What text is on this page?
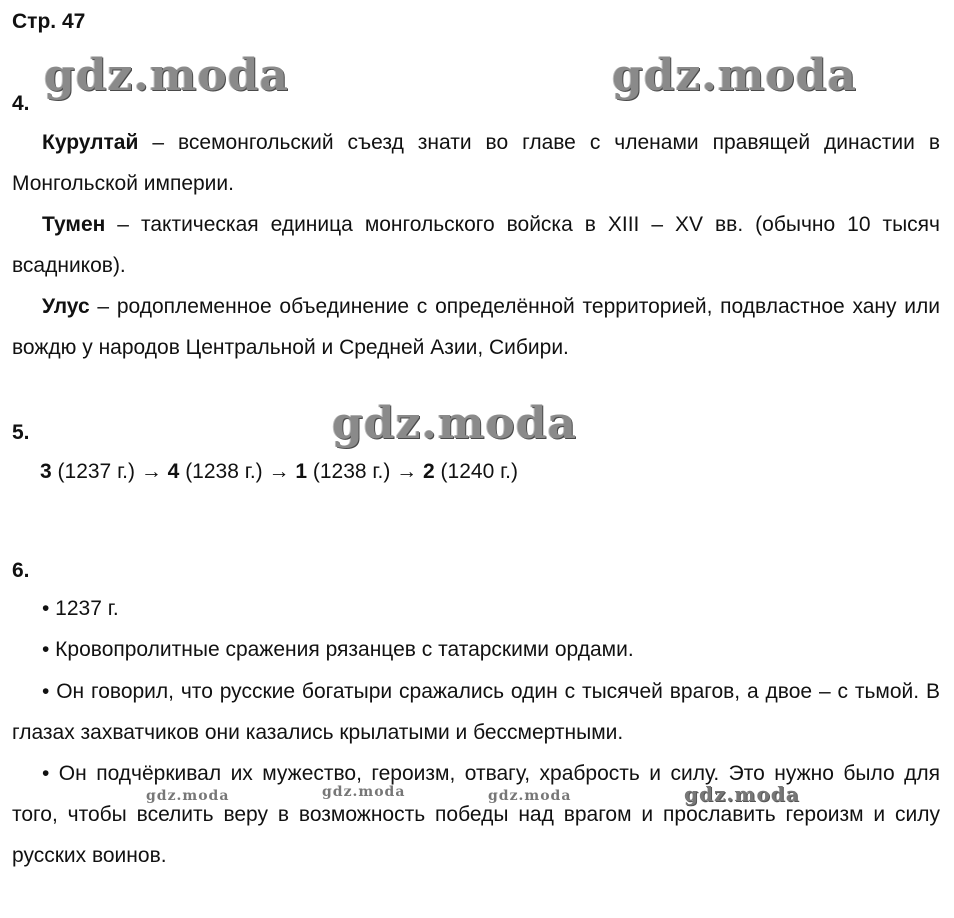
Стр. 47
gdz.moda	gdz.moda
gdz.moda
gdz.moda	gdz.moda	gdz.moda	gdz.moda
4.

Курултай – всемонгольский съезд знати во главе с членами правящей династии в Монгольской империи.

Тумен – тактическая единица монгольского войска в XIII – XV вв. (обычно 10 тысяч всадников).

Улус – родоплеменное объединение с определённой территорией, подвластное хану или вождю у народов Центральной и Средней Азии, Сибири.

5.

3 (1237 г.) → 4 (1238 г.) → 1 (1238 г.) → 2 (1240 г.)

6.

• 1237 г.

• Кровопролитные сражения рязанцев с татарскими ордами.

• Он говорил, что русские богатыри сражались один с тысячей врагов, а двое – с тьмой. В глазах захватчиков они казались крылатыми и бессмертными.

• Он подчёркивал их мужество, героизм, отвагу, храбрость и силу. Это нужно было для того, чтобы вселить веру в возможность победы над врагом и прославить героизм и силу русских воинов.
